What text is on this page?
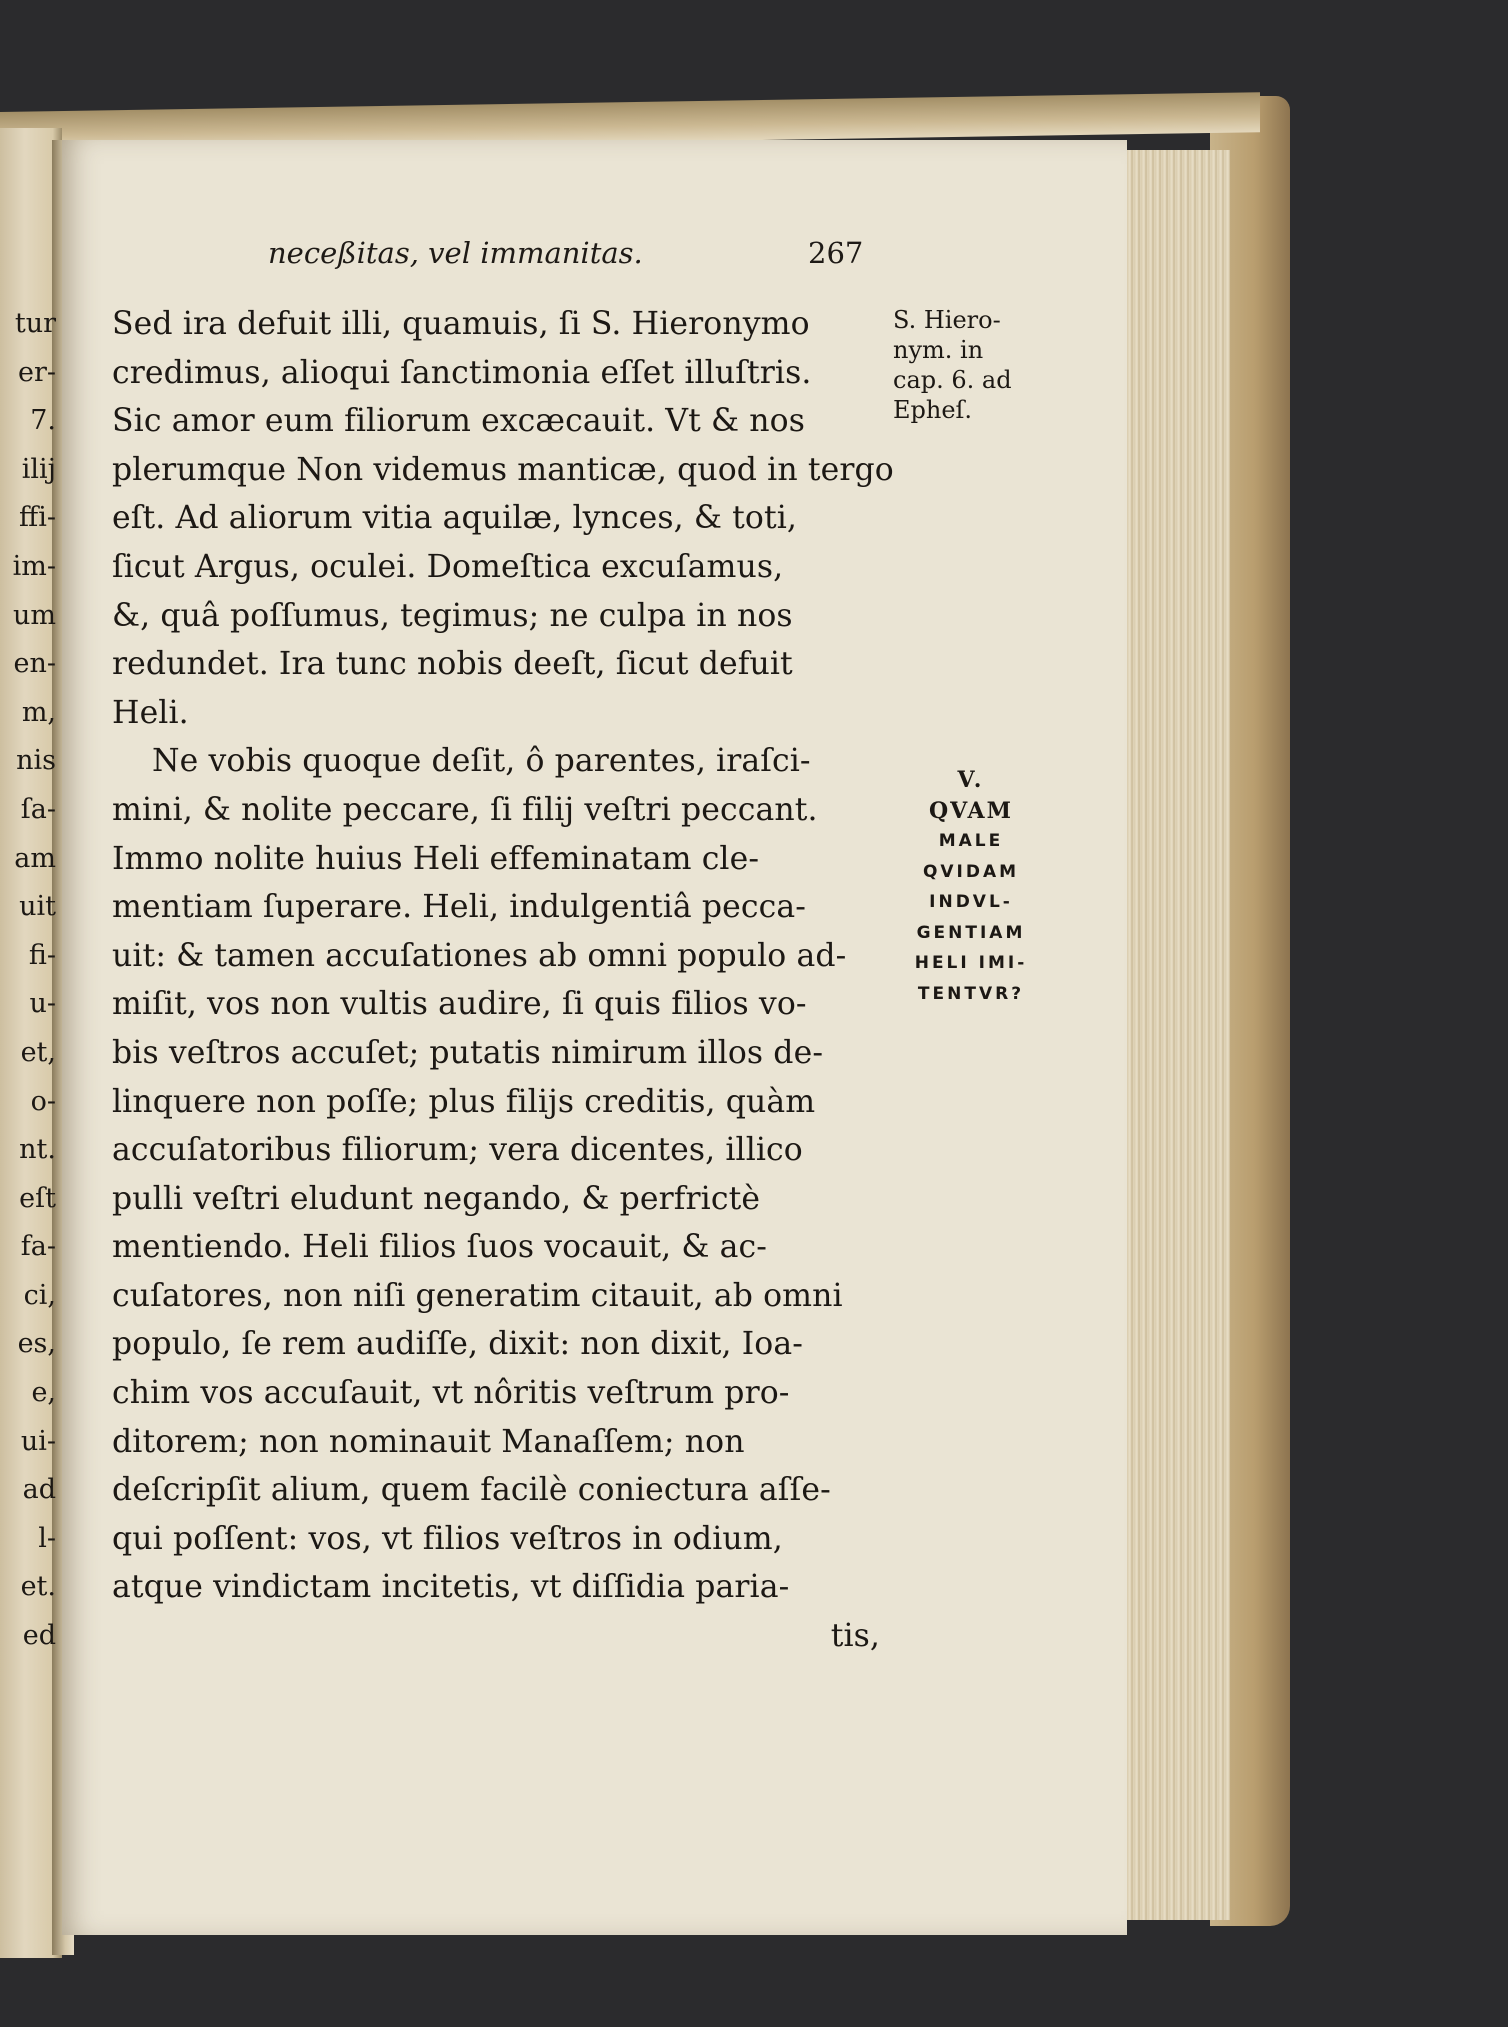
tur
er-
7.
ilij
ffi-
im-
um
en-
m,
nis
ſa-
am
uit
fi-
u-
et,
o-
nt.
eſt
fa-
ci,
es,
e,
ui-
ad
l-
et.
ed
neceßitas, vel immanitas.	267
Sed ira defuit illi, quamuis, ſi S. Hieronymo
credimus, alioqui ſanctimonia eſſet illuſtris.
Sic amor eum filiorum excæcauit. Vt & nos
plerumque Non videmus manticæ, quod in tergo
eſt. Ad aliorum vitia aquilæ, lynces, & toti,
ſicut Argus, oculei. Domeſtica excuſamus,
&, quâ poſſumus, tegimus; ne culpa in nos
redundet. Ira tunc nobis deeſt, ſicut defuit
Heli.
Ne vobis quoque deſit, ô parentes, iraſci-
mini, & nolite peccare, ſi filij veſtri peccant.
Immo nolite huius Heli effeminatam cle-
mentiam ſuperare. Heli, indulgentiâ pecca-
uit: & tamen accuſationes ab omni populo ad-
miſit, vos non vultis audire, ſi quis filios vo-
bis veſtros accuſet; putatis nimirum illos de-
linquere non poſſe; plus filijs creditis, quàm
accuſatoribus filiorum; vera dicentes, illico
pulli veſtri eludunt negando, & perfrictè
mentiendo. Heli filios ſuos vocauit, & ac-
cuſatores, non niſi generatim citauit, ab omni
populo, ſe rem audiſſe, dixit: non dixit, Ioa-
chim vos accuſauit, vt nôritis veſtrum pro-
ditorem; non nominauit Manaſſem; non
deſcripſit alium, quem facilè coniectura aſſe-
qui poſſent: vos, vt filios veſtros in odium,
atque vindictam incitetis, vt diſſidia paria-
tis,
S. Hiero-
nym. in
cap. 6. ad
Epheſ.
V.
QVAM
MALE
QVIDAM
INDVL-
GENTIAM
HELI IMI-
TENTVR?
